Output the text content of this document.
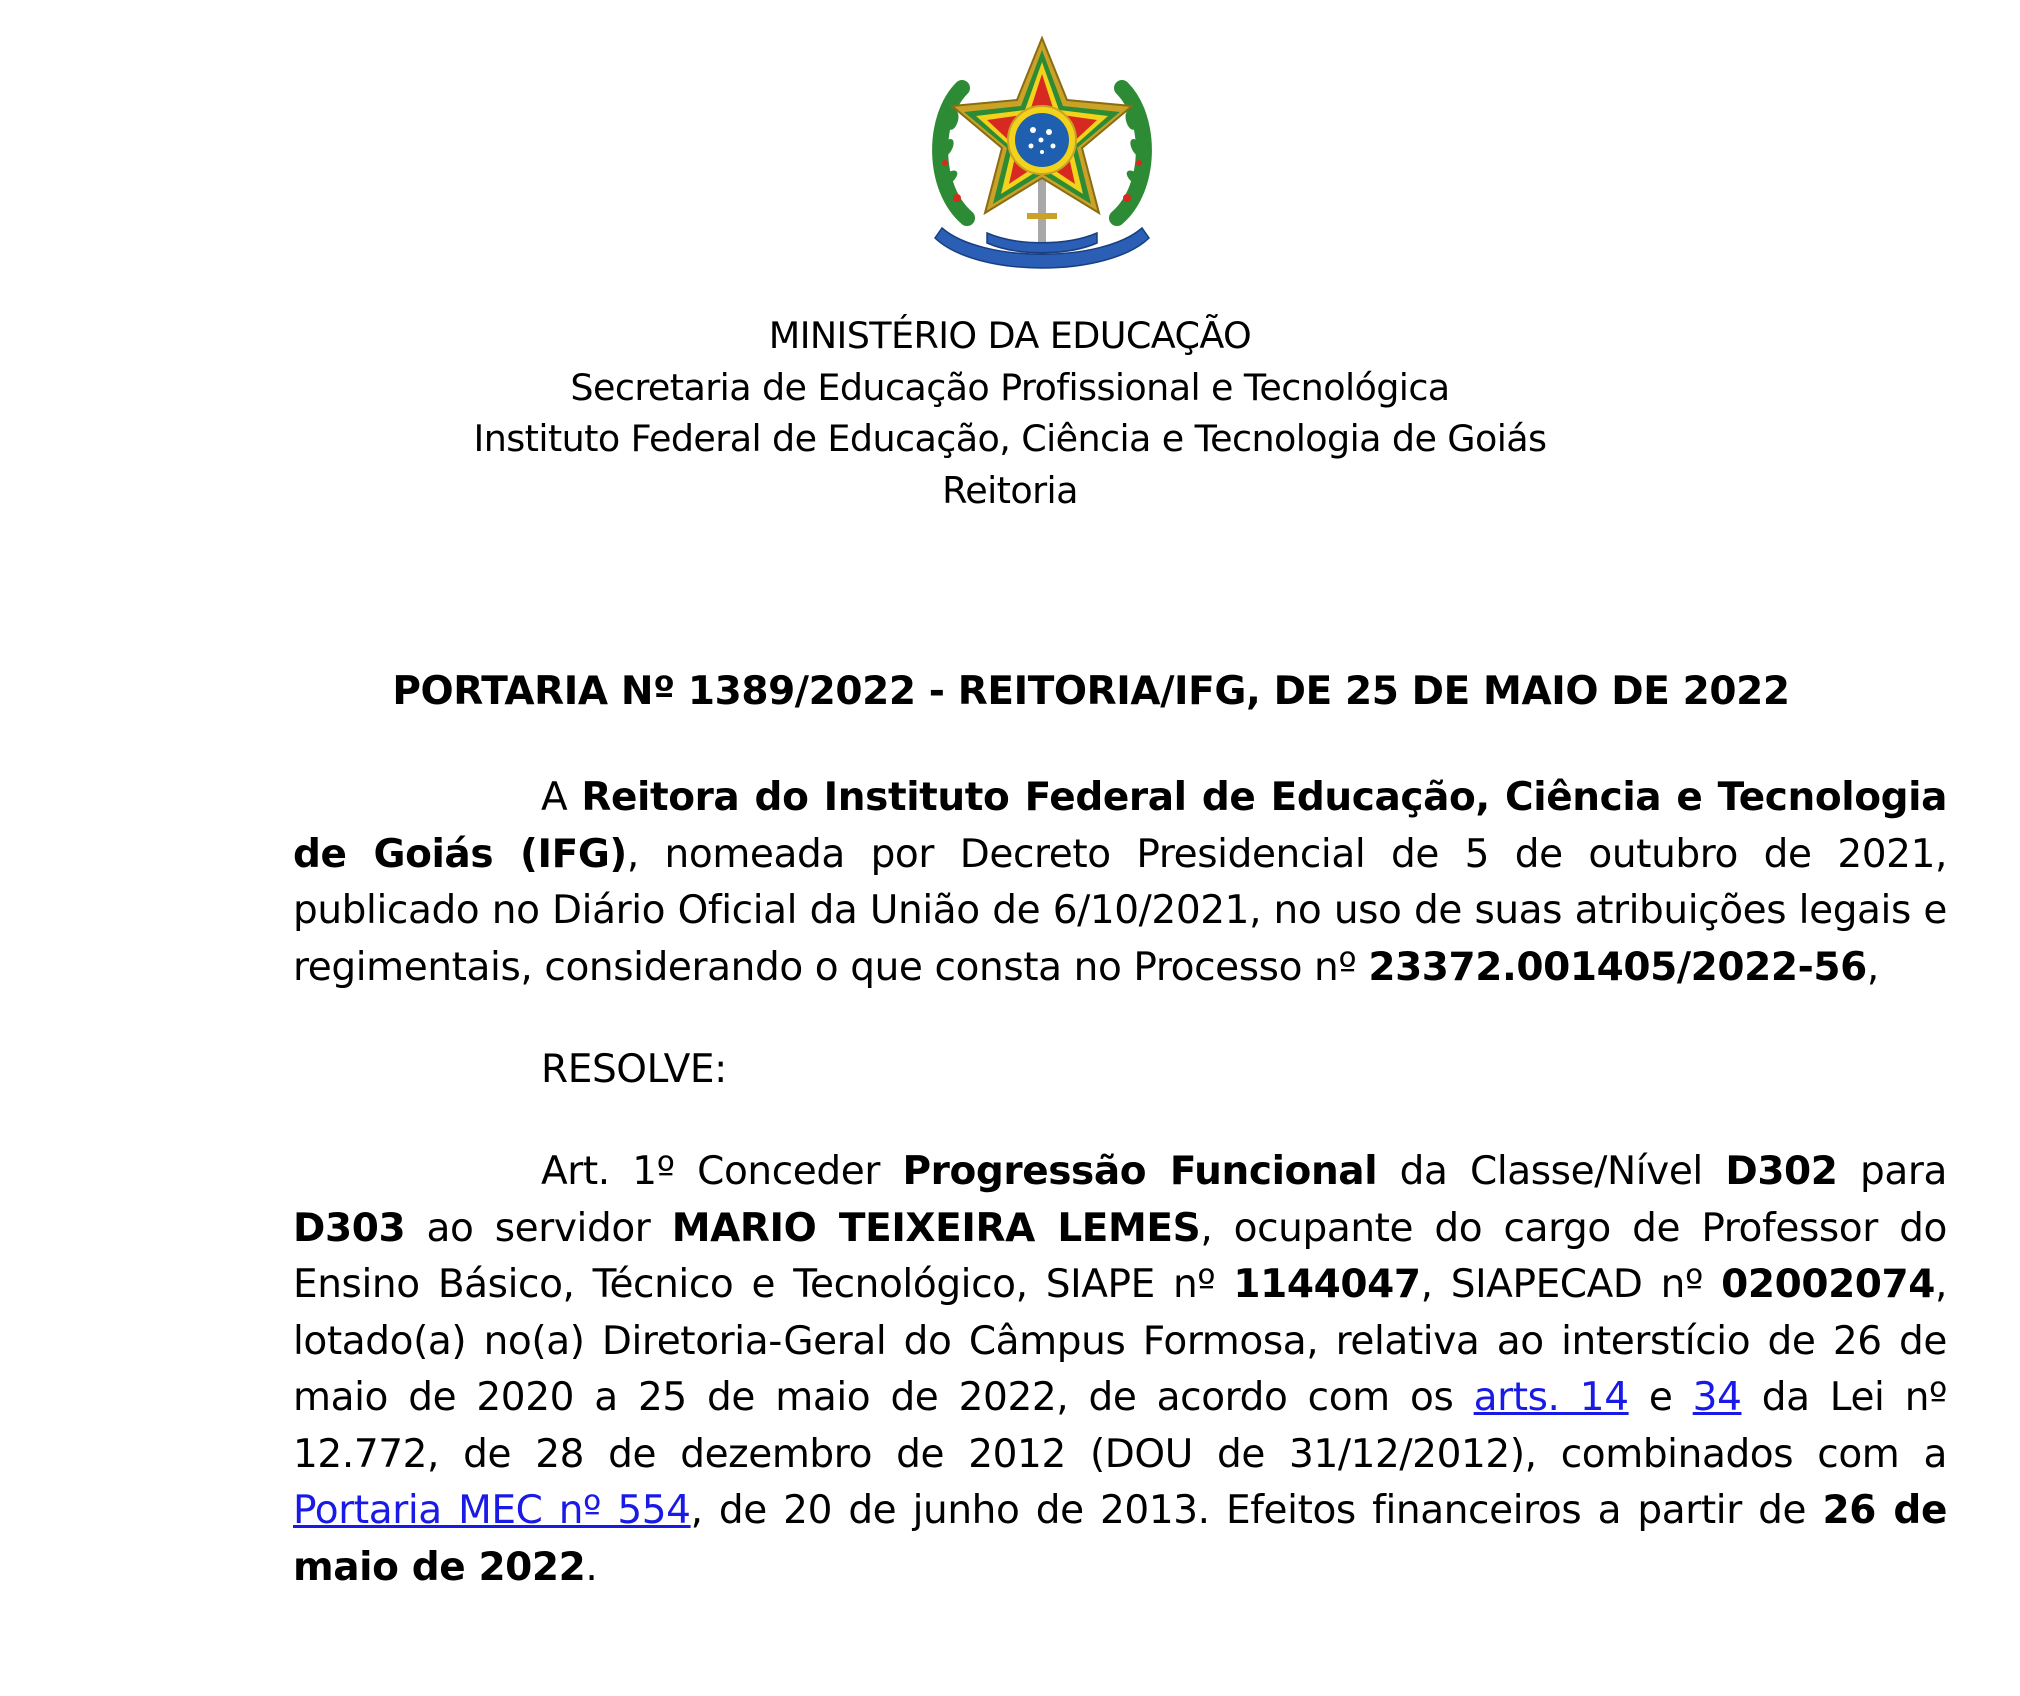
MINISTÉRIO DA EDUCAÇÃO
Secretaria de Educação Profissional e Tecnológica
Instituto Federal de Educação, Ciência e Tecnologia de Goiás
Reitoria
PORTARIA Nº 1389/2022 - REITORIA/IFG, DE 25 DE MAIO DE 2022
A Reitora do Instituto Federal de Educação, Ciência e Tecnologia de Goiás (IFG), nomeada por Decreto Presidencial de 5 de outubro de 2021, publicado no Diário Oficial da União de 6/10/2021, no uso de suas atribuições legais e regimentais, considerando o que consta no Processo nº 23372.001405/2022-56,
RESOLVE:
Art. 1º Conceder Progressão Funcional da Classe/Nível D302 para D303 ao servidor MARIO TEIXEIRA LEMES, ocupante do cargo de Professor do Ensino Básico, Técnico e Tecnológico, SIAPE nº 1144047, SIAPECAD nº 02002074, lotado(a) no(a) Diretoria-Geral do Câmpus Formosa, relativa ao interstício de 26 de maio de 2020 a 25 de maio de 2022, de acordo com os arts. 14 e 34 da Lei nº 12.772, de 28 de dezembro de 2012 (DOU de 31/12/2012), combinados com a Portaria MEC nº 554, de 20 de junho de 2013. Efeitos financeiros a partir de 26 de maio de 2022.
